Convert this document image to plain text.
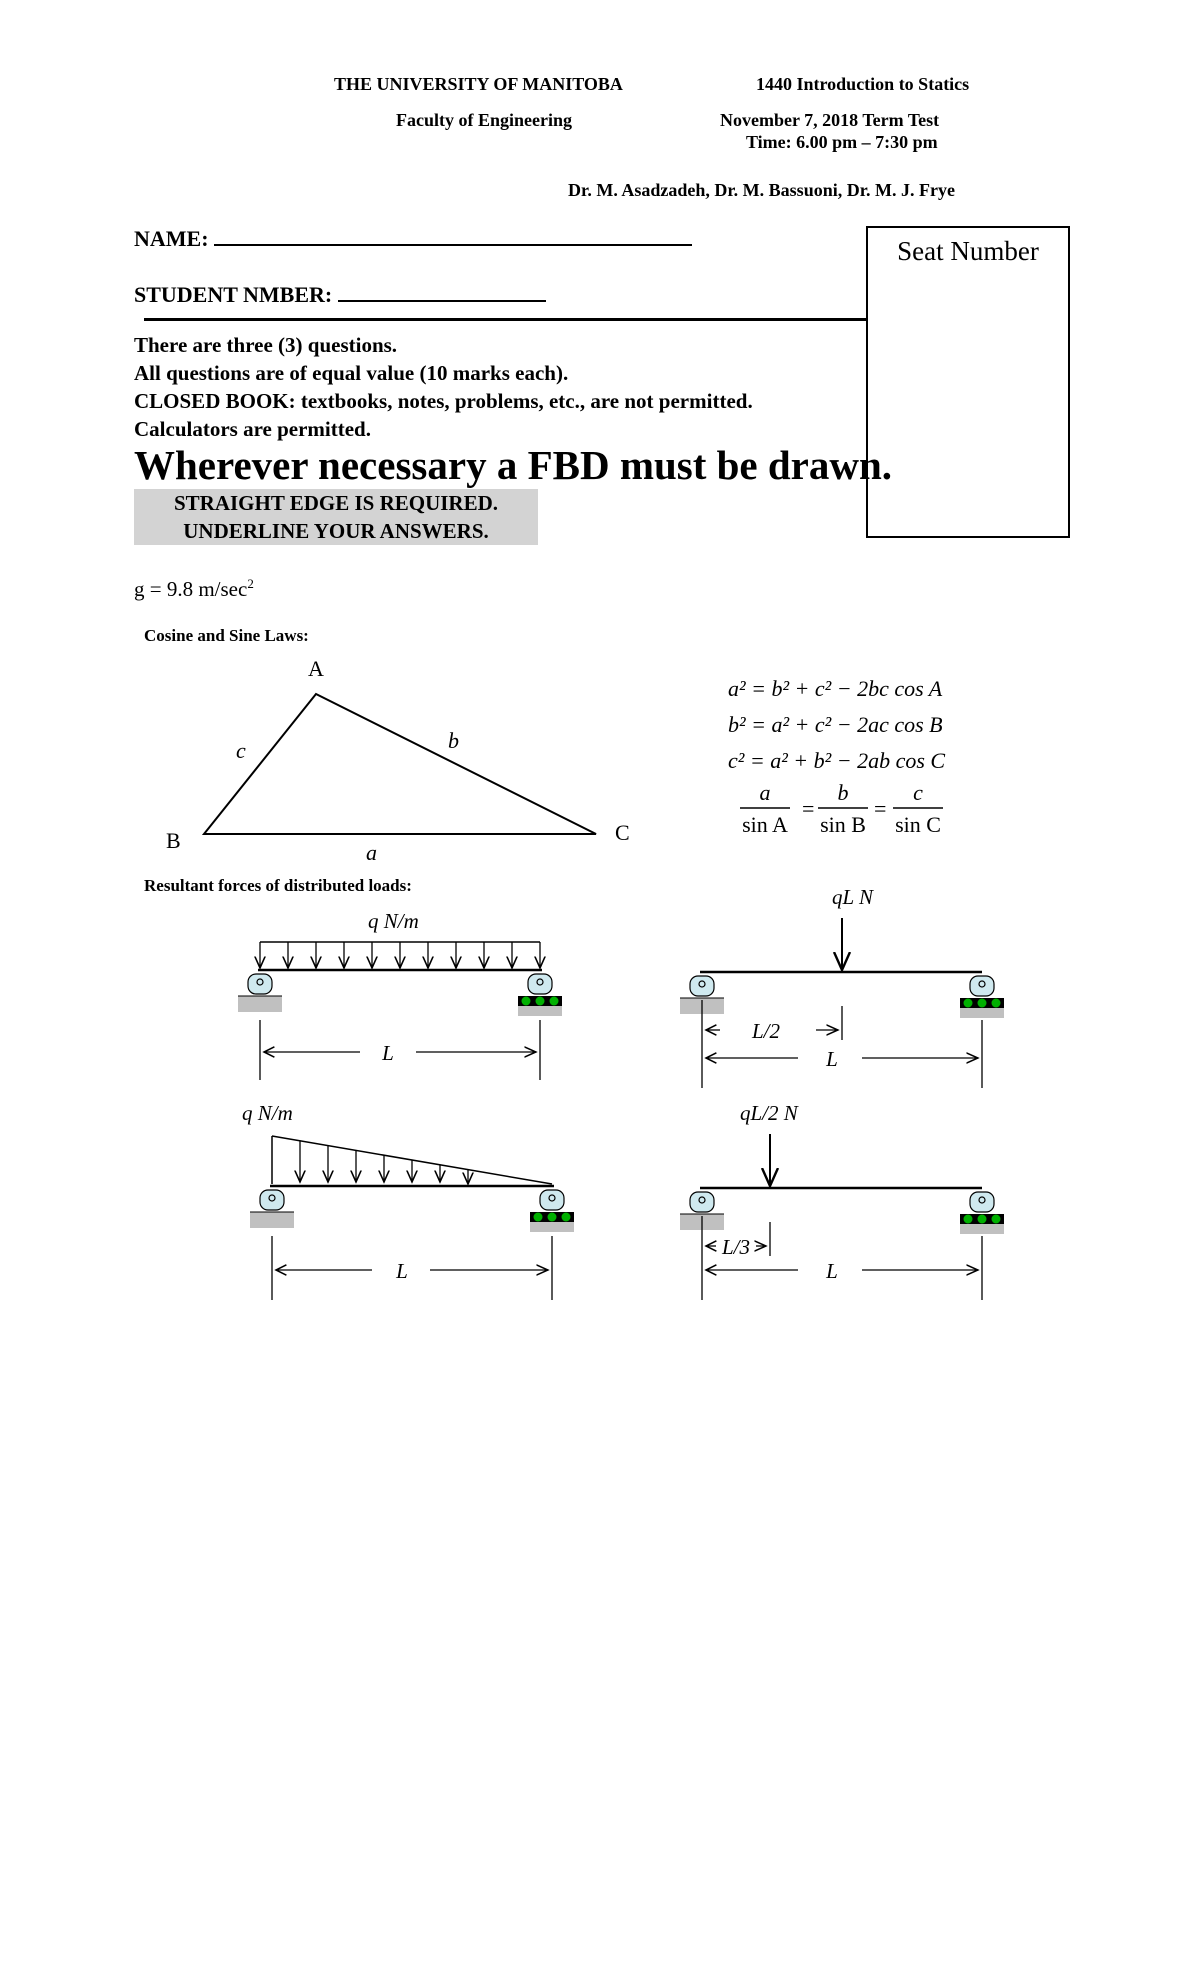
THE UNIVERSITY OF MANITOBA
Faculty of Engineering
1440 Introduction to Statics
November 7, 2018 Term Test
Time: 6.00 pm – 7:30 pm
Dr. M. Asadzadeh, Dr. M. Bassuoni, Dr. M. J. Frye
NAME:
STUDENT NMBER:
Seat Number
There are three (3) questions.
All questions are of equal value (10 marks each).
CLOSED BOOK: textbooks, notes, problems, etc., are not permitted.
Calculators are permitted.
Wherever necessary a FBD must be drawn.
STRAIGHT EDGE IS REQUIRED.
UNDERLINE YOUR ANSWERS.
g = 9.8 $m/\sec^2$
Cosine and Sine Laws:
A
B	C
c	b
a
a² = b² + c² − 2bc cos A
b² = a² + c² − 2ac cos B
c² = a² + b² − 2ab cos C
a
sin A
=
b
sin B
=
c
sin C
q N/m
L
qL N
L/2
L
q N/m
L
qL/2 N
L/3
L
Resultant forces of distributed loads:
